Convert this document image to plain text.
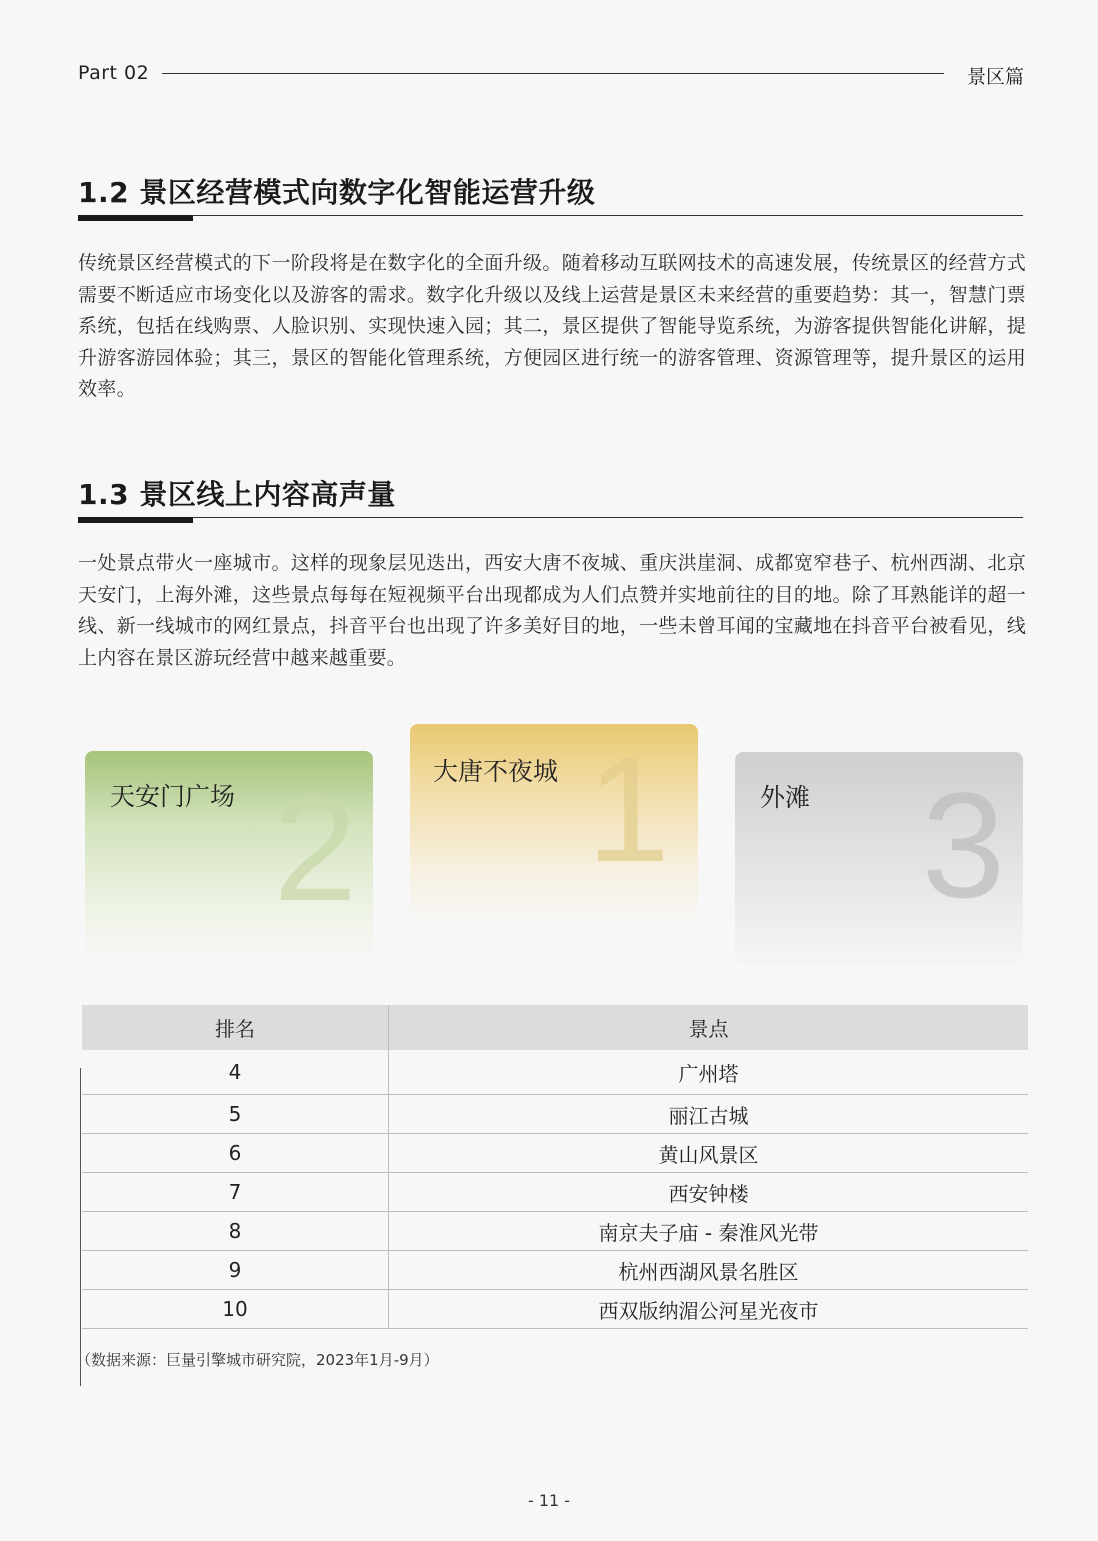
Part 02	景区篇
1.2 景区经营模式向数字化智能运营升级
传统景区经营模式的下一阶段将是在数字化的全面升级。随着移动互联网技术的高速发展，传统景区的经营方式需要不断适应市场变化以及游客的需求。数字化升级以及线上运营是景区未来经营的重要趋势：其一，智慧门票系统，包括在线购票、人脸识别、实现快速入园；其二，景区提供了智能导览系统，为游客提供智能化讲解，提升游客游园体验；其三，景区的智能化管理系统，方便园区进行统一的游客管理、资源管理等，提升景区的运用效率。
1.3 景区线上内容高声量
一处景点带火一座城市。这样的现象层见迭出，西安大唐不夜城、重庆洪崖洞、成都宽窄巷子、杭州西湖、北京天安门，上海外滩，这些景点每每在短视频平台出现都成为人们点赞并实地前往的目的地。除了耳熟能详的超一线、新一线城市的网红景点，抖音平台也出现了许多美好目的地，一些未曾耳闻的宝藏地在抖音平台被看见，线上内容在景区游玩经营中越来越重要。
2
天安门广场 1
大唐不夜城 3
外滩
排名	景点
4	广州塔
5	丽江古城
6	黄山风景区
7	西安钟楼
8	南京夫子庙 - 秦淮风光带
9	杭州西湖风景名胜区
10	西双版纳湄公河星光夜市
（数据来源：巨量引擎城市研究院，2023年1月-9月）
- 11 -
